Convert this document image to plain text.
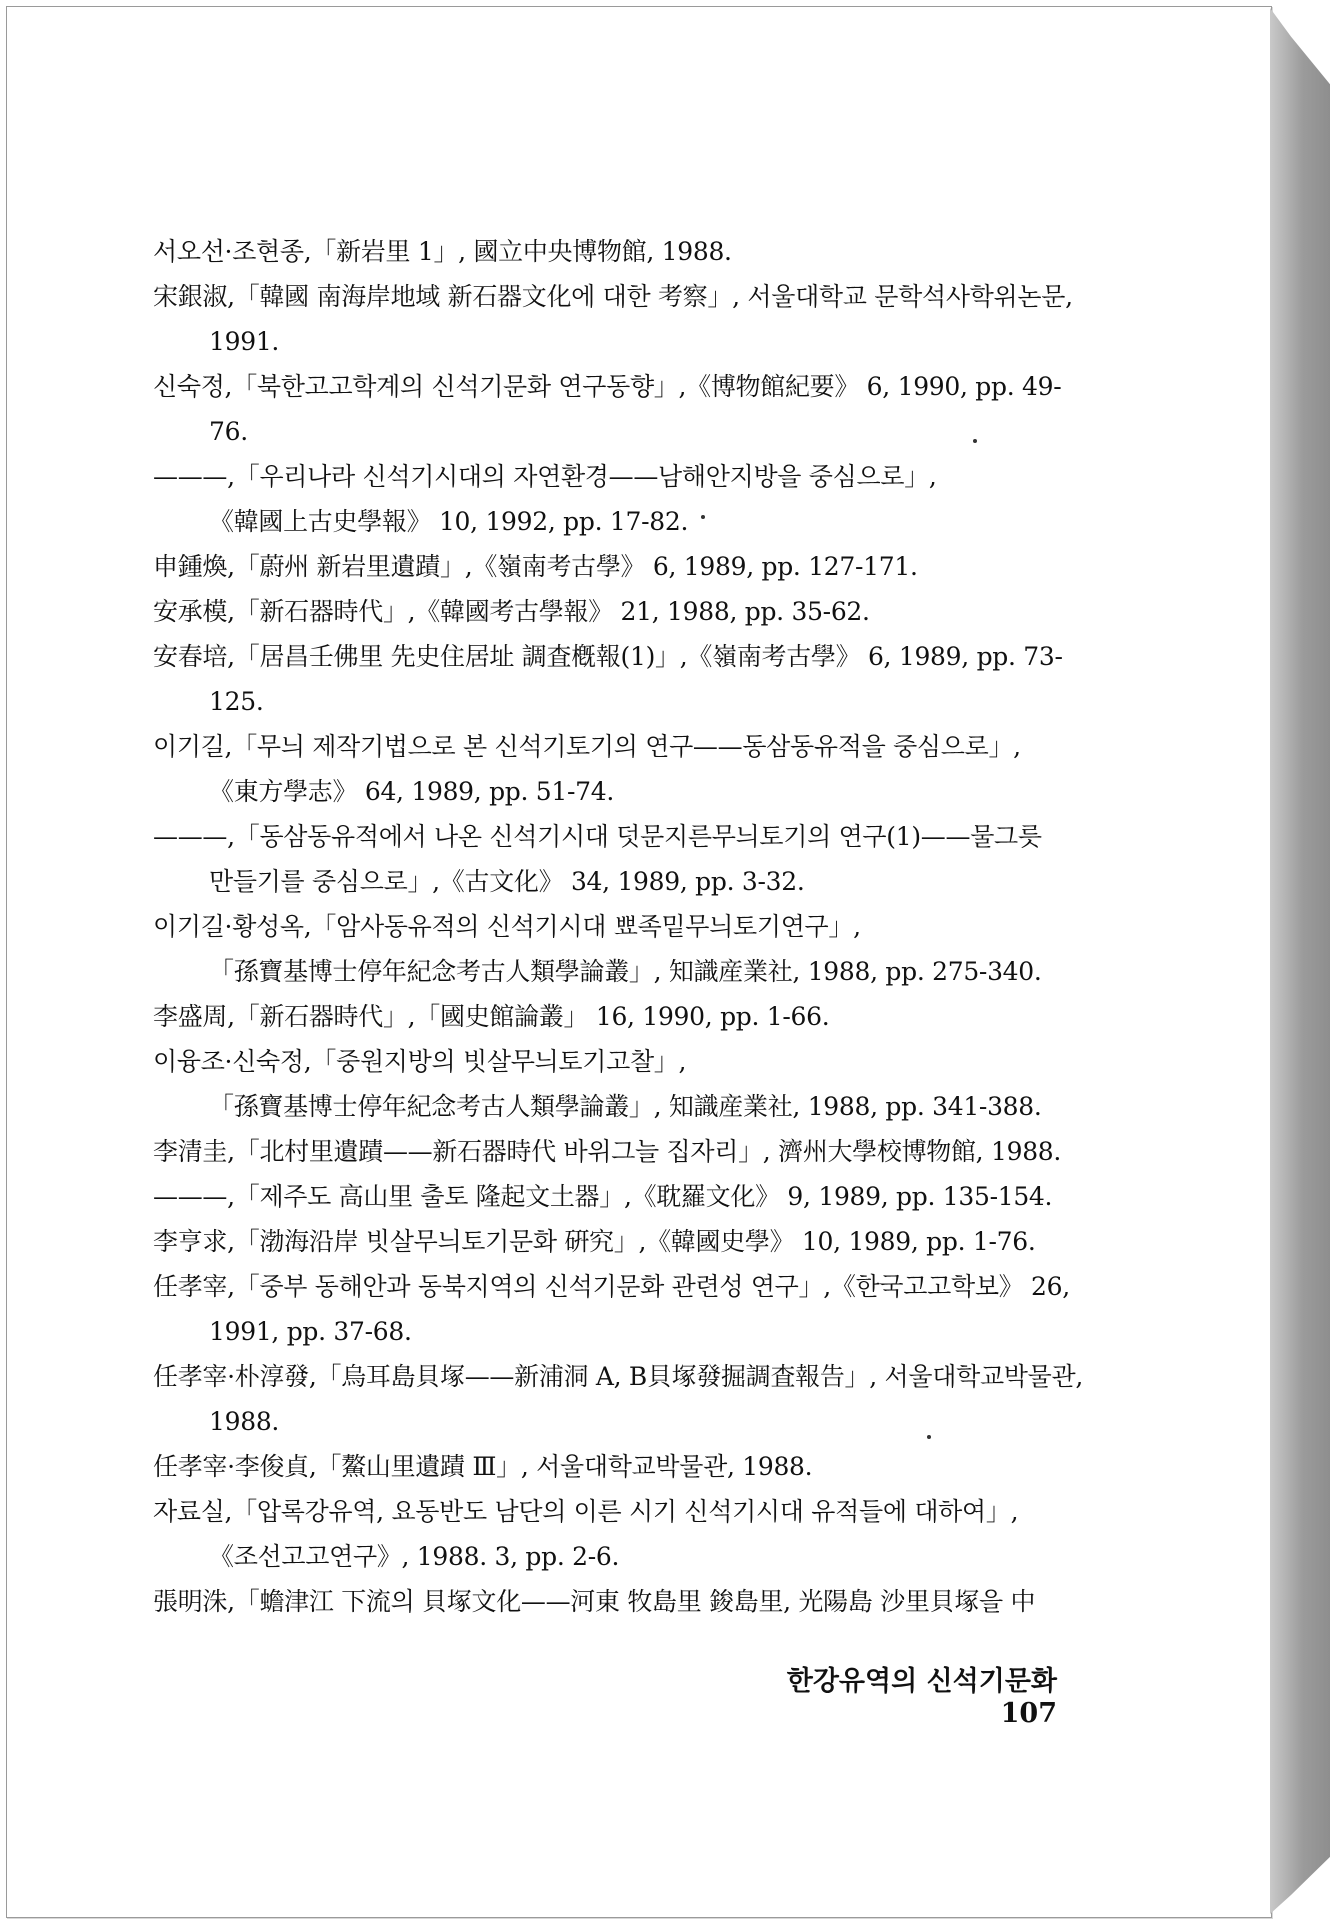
서오선·조현종,「新岩里 1」, 國立中央博物館, 1988.

宋銀淑,「韓國 南海岸地域 新石器文化에 대한 考察」, 서울대학교 문학석사학위논문, 1991.

신숙정,「북한고고학계의 신석기문화 연구동향」,《博物館紀要》 6, 1990, pp. 49-76.

———,「우리나라 신석기시대의 자연환경——남해안지방을 중심으로」,《韓國上古史學報》 10, 1992, pp. 17-82.

申鍾煥,「蔚州 新岩里遺蹟」,《嶺南考古學》 6, 1989, pp. 127-171.

安承模,「新石器時代」,《韓國考古學報》 21, 1988, pp. 35-62.

安春培,「居昌壬佛里 先史住居址 調査槪報(1)」,《嶺南考古學》 6, 1989, pp. 73-125.

이기길,「무늬 제작기법으로 본 신석기토기의 연구——동삼동유적을 중심으로」,《東方學志》 64, 1989, pp. 51-74.

———,「동삼동유적에서 나온 신석기시대 덧문지른무늬토기의 연구(1)——물그릇 만들기를 중심으로」,《古文化》 34, 1989, pp. 3-32.

이기길·황성옥,「암사동유적의 신석기시대 뾰족밑무늬토기연구」,「孫寶基博士停年紀念考古人類學論叢」, 知識産業社, 1988, pp. 275-340.

李盛周,「新石器時代」,「國史館論叢」 16, 1990, pp. 1-66.

이융조·신숙정,「중원지방의 빗살무늬토기고찰」,「孫寶基博士停年紀念考古人類學論叢」, 知識産業社, 1988, pp. 341-388.

李清圭,「北村里遺蹟——新石器時代 바위그늘 집자리」, 濟州大學校博物館, 1988.

———,「제주도 高山里 출토 隆起文土器」,《耽羅文化》 9, 1989, pp. 135-154.

李亨求,「渤海沿岸 빗살무늬토기문화 硏究」,《韓國史學》 10, 1989, pp. 1-76.

任孝宰,「중부 동해안과 동북지역의 신석기문화 관련성 연구」,《한국고고학보》 26, 1991, pp. 37-68.

任孝宰·朴淳發,「烏耳島貝塚——新浦洞 A, B貝塚發掘調査報告」, 서울대학교박물관, 1988.

任孝宰·李俊貞,「鰲山里遺蹟 Ⅲ」, 서울대학교박물관, 1988.

자료실,「압록강유역, 요동반도 남단의 이른 시기 신석기시대 유적들에 대하여」,《조선고고연구》, 1988. 3, pp. 2-6.

張明洙,「蟾津江 下流의 貝塚文化——河東 牧島里 鋑島里, 光陽島 沙里貝塚을 中

한강유역의 신석기문화 107
